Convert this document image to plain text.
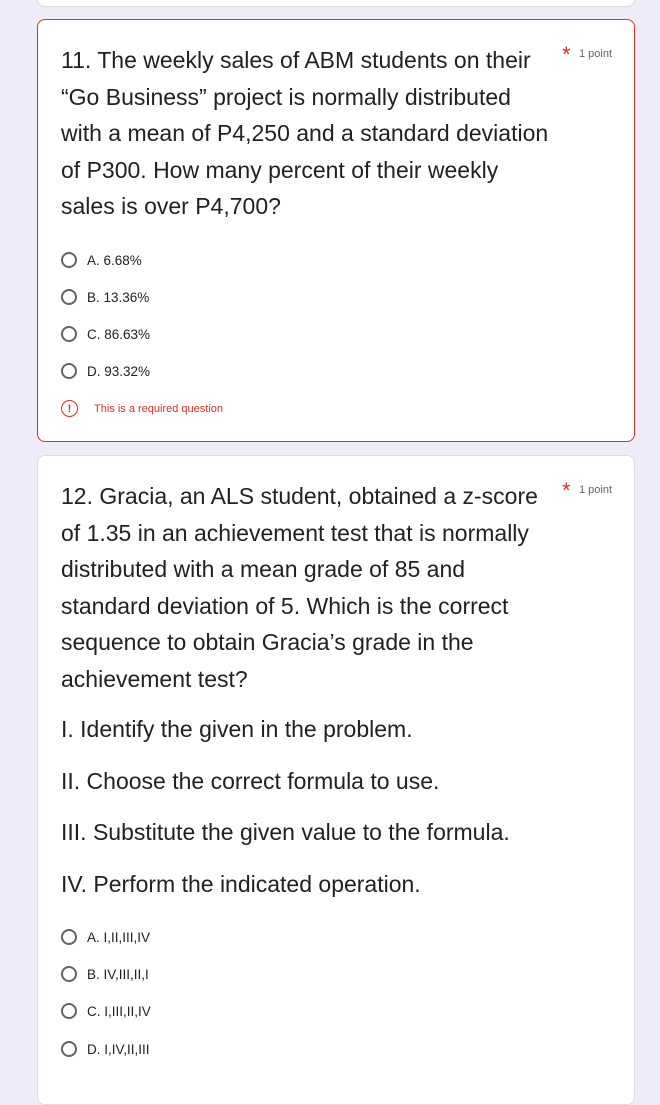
11. The weekly sales of ABM students on their “Go Business” project is normally distributed with a mean of P4,250 and a standard deviation of P300. How many percent of their weekly sales is over P4,700?

* 1 point
A. 6.68%
B. 13.36%
C. 86.63%
D. 93.32%
!	This is a required question

12. Gracia, an ALS student, obtained a z-score of 1.35 in an achievement test that is normally distributed with a mean grade of 85 and standard deviation of 5. Which is the correct sequence to obtain Gracia’s grade in the achievement test?

* 1 point

I. Identify the given in the problem.

II. Choose the correct formula to use.

III. Substitute the given value to the formula.

IV. Perform the indicated operation.

A. I,II,III,IV
B. IV,III,II,I
C. I,III,II,IV
D. I,IV,II,III
